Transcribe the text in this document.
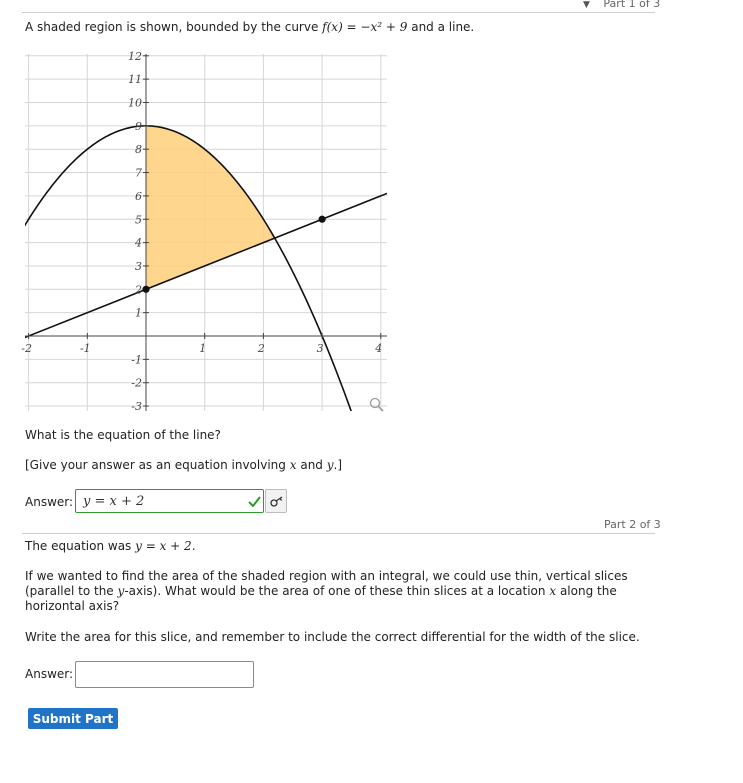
▼ Part 1 of 3
A shaded region is shown, bounded by the curve f(x) = −x² + 9 and a line.
12
11
10
9
8
7
6
5
4
3
2
1
-1
-2
-3
-2	-1	1	2	3	4
What is the equation of the line?
[Give your answer as an equation involving x and y.]
Answer: y = x + 2
Part 2 of 3
The equation was y = x + 2.
If we wanted to find the area of the shaded region with an integral, we could use thin, vertical slices
(parallel to the y-axis). What would be the area of one of these thin slices at a location x along the
horizontal axis?
Write the area for this slice, and remember to include the correct differential for the width of the slice.
Answer:
Submit Part
